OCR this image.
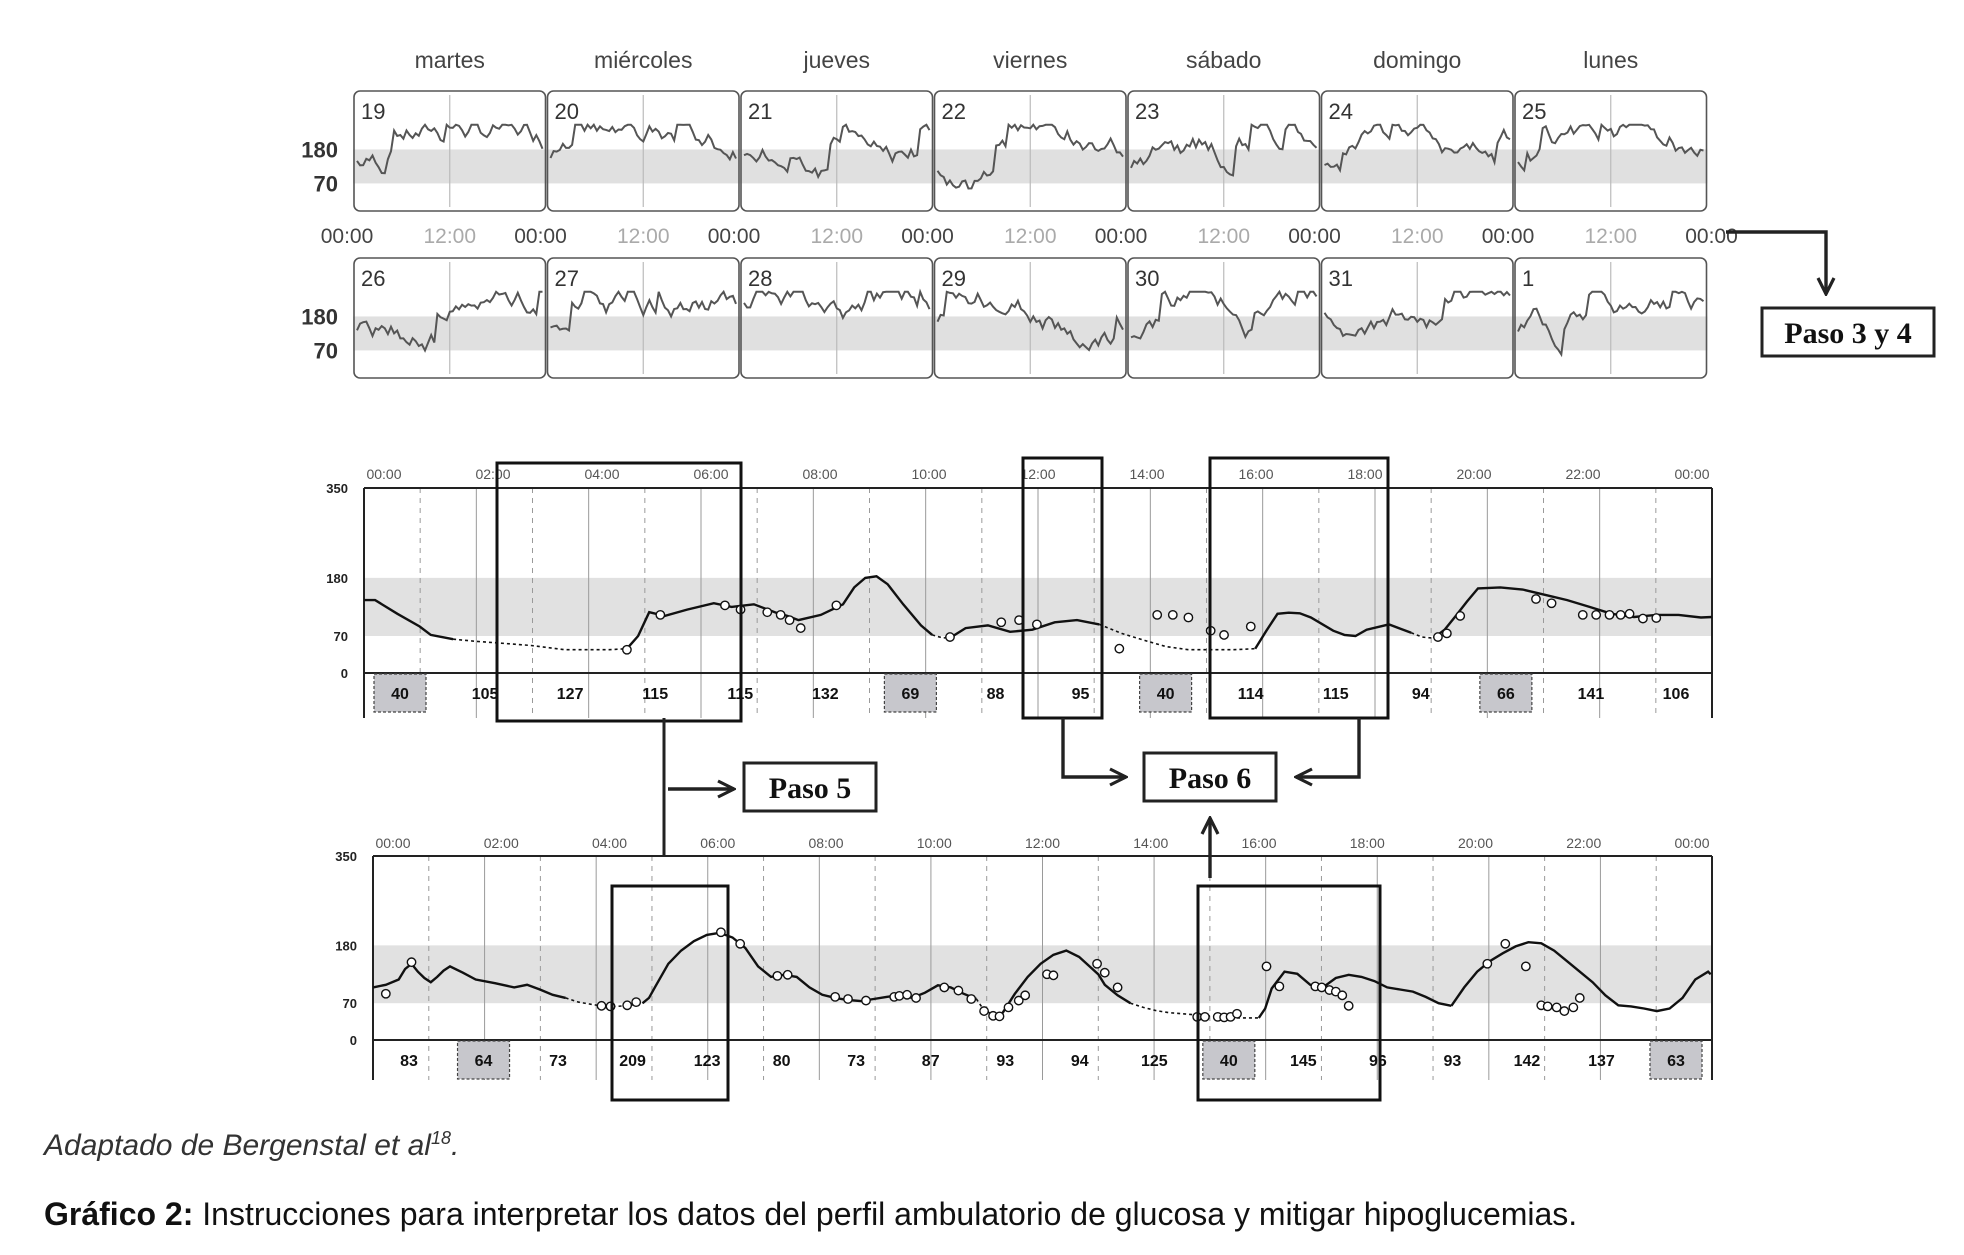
martes	miércoles	jueves	viernes	sábado	domingo	lunes
180
70
19	20	21	22	23	24	25
00:00 12:00 00:00 12:00 00:00 12:00 00:00 12:00 00:00 12:00 00:00 12:00 00:00 12:00 00:00
180
70
26	27	28	29	30	31	1
Paso 3 y 4
350
180
70
0
00:00	02:00	04:00	06:00	08:00	10:00	12:00	14:00	16:00	18:00	20:00	22:00	00:00
40	105	127	115	115	132	69	88	95	40	114	115	94	66	141	106
350
180
70
0
00:00	02:00	04:00	06:00	08:00	10:00	12:00	14:00	16:00	18:00	20:00	22:00	00:00
83	64	73	209	123	80	73	87	93	94	125	40	145	96	93	142	137	63
Paso 5	Paso 6
Adaptado de Bergenstal et $al^{18}$.
Gráfico 2: Instrucciones para interpretar los datos del perfil ambulatorio de glucosa y mitigar hipoglucemias.
